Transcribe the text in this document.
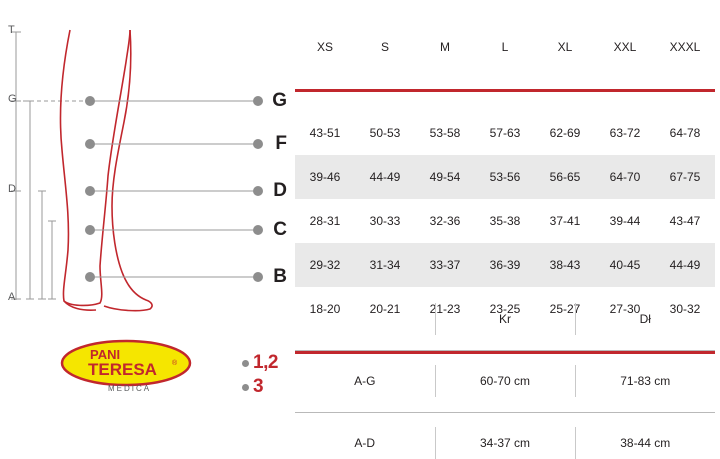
T
G
D
A
G
F
D
C
B
PANI
TERESA ®
MEDICA
1,2
3
XS	S	M	L	XL	XXL	XXXL

43-51	50-53	53-58	57-63	62-69	63-72	64-78
39-46	44-49	49-54	53-56	56-65	64-70	67-75
28-31	30-33	32-36	35-38	37-41	39-44	43-47
29-32	31-34	33-37	36-39	38-43	40-45	44-49
18-20	20-21	21-23	23-25	25-27	27-30	30-32

	Kr	Dł

A-G	60-70 cm	71-83 cm

A-D	34-37 cm	38-44 cm
